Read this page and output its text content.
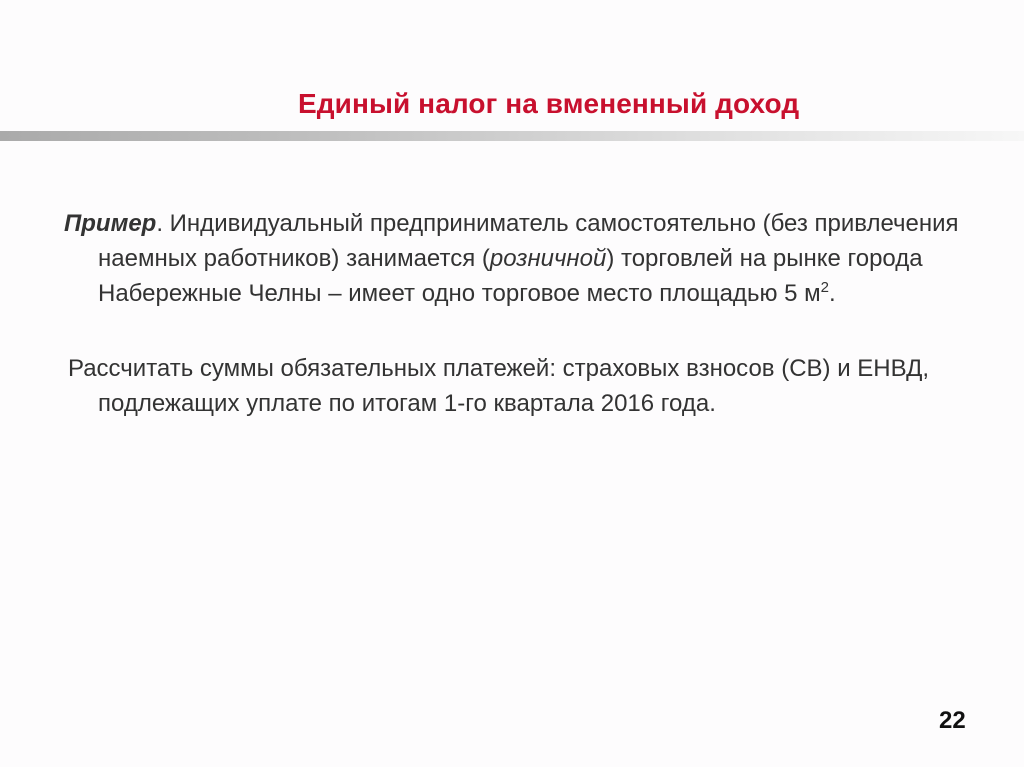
Единый налог на вмененный доход

Пример. Индивидуальный предприниматель самостоятельно (без привлечения наемных работников) занимается (розничной) торговлей на рынке города Набережные Челны – имеет одно торговое место площадью 5 $м^2$.

Рассчитать суммы обязательных платежей: страховых взносов (СВ) и ЕНВД, подлежащих уплате по итогам 1-го квартала 2016 года.

22
